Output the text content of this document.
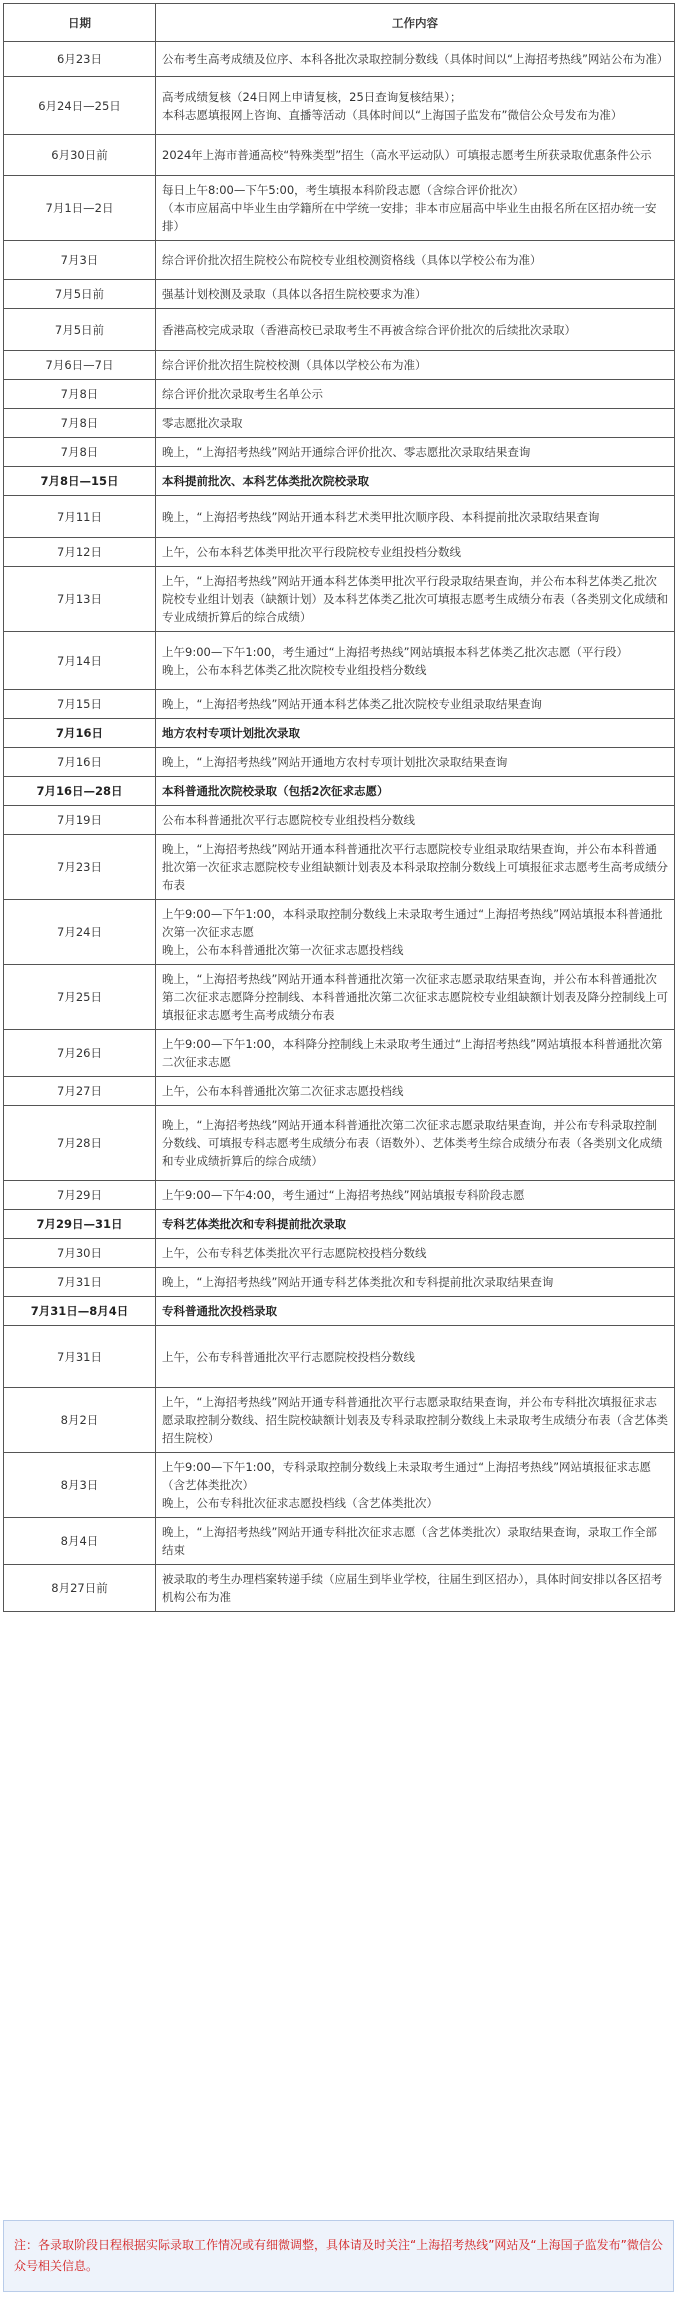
日期	工作内容
6月23日	公布考生高考成绩及位序、本科各批次录取控制分数线（具体时间以“上海招考热线”网站公布为准）
6月24日—25日	高考成绩复核（24日网上申请复核，25日查询复核结果）；
本科志愿填报网上咨询、直播等活动（具体时间以“上海国子监发布”微信公众号发布为准）
6月30日前	2024年上海市普通高校“特殊类型”招生（高水平运动队）可填报志愿考生所获录取优惠条件公示
7月1日—2日	每日上午8:00—下午5:00，考生填报本科阶段志愿（含综合评价批次）
（本市应届高中毕业生由学籍所在中学统一安排；非本市应届高中毕业生由报名所在区招办统一安排）
7月3日	综合评价批次招生院校公布院校专业组校测资格线（具体以学校公布为准）
7月5日前	强基计划校测及录取（具体以各招生院校要求为准）
7月5日前	香港高校完成录取（香港高校已录取考生不再被含综合评价批次的后续批次录取）
7月6日—7日	综合评价批次招生院校校测（具体以学校公布为准）
7月8日	综合评价批次录取考生名单公示
7月8日	零志愿批次录取
7月8日	晚上，“上海招考热线”网站开通综合评价批次、零志愿批次录取结果查询
7月8日—15日	本科提前批次、本科艺体类批次院校录取
7月11日	晚上，“上海招考热线”网站开通本科艺术类甲批次顺序段、本科提前批次录取结果查询
7月12日	上午，公布本科艺体类甲批次平行段院校专业组投档分数线
7月13日	上午，“上海招考热线”网站开通本科艺体类甲批次平行段录取结果查询，并公布本科艺体类乙批次院校专业组计划表（缺额计划）及本科艺体类乙批次可填报志愿考生成绩分布表（各类别文化成绩和专业成绩折算后的综合成绩）
7月14日	上午9:00—下午1:00，考生通过“上海招考热线”网站填报本科艺体类乙批次志愿（平行段）
晚上，公布本科艺体类乙批次院校专业组投档分数线
7月15日	晚上，“上海招考热线”网站开通本科艺体类乙批次院校专业组录取结果查询
7月16日	地方农村专项计划批次录取
7月16日	晚上，“上海招考热线”网站开通地方农村专项计划批次录取结果查询
7月16日—28日	本科普通批次院校录取（包括2次征求志愿）
7月19日	公布本科普通批次平行志愿院校专业组投档分数线
7月23日	晚上，“上海招考热线”网站开通本科普通批次平行志愿院校专业组录取结果查询，并公布本科普通批次第一次征求志愿院校专业组缺额计划表及本科录取控制分数线上可填报征求志愿考生高考成绩分布表
7月24日	上午9:00—下午1:00，本科录取控制分数线上未录取考生通过“上海招考热线”网站填报本科普通批次第一次征求志愿
晚上，公布本科普通批次第一次征求志愿投档线
7月25日	晚上，“上海招考热线”网站开通本科普通批次第一次征求志愿录取结果查询，并公布本科普通批次第二次征求志愿降分控制线、本科普通批次第二次征求志愿院校专业组缺额计划表及降分控制线上可填报征求志愿考生高考成绩分布表
7月26日	上午9:00—下午1:00，本科降分控制线上未录取考生通过“上海招考热线”网站填报本科普通批次第二次征求志愿
7月27日	上午，公布本科普通批次第二次征求志愿投档线
7月28日	晚上，“上海招考热线”网站开通本科普通批次第二次征求志愿录取结果查询，并公布专科录取控制分数线、可填报专科志愿考生成绩分布表（语数外）、艺体类考生综合成绩分布表（各类别文化成绩和专业成绩折算后的综合成绩）
7月29日	上午9:00—下午4:00，考生通过“上海招考热线”网站填报专科阶段志愿
7月29日—31日	专科艺体类批次和专科提前批次录取
7月30日	上午，公布专科艺体类批次平行志愿院校投档分数线
7月31日	晚上，“上海招考热线”网站开通专科艺体类批次和专科提前批次录取结果查询
7月31日—8月4日	专科普通批次投档录取
7月31日	上午，公布专科普通批次平行志愿院校投档分数线
8月2日	上午，“上海招考热线”网站开通专科普通批次平行志愿录取结果查询，并公布专科批次填报征求志愿录取控制分数线、招生院校缺额计划表及专科录取控制分数线上未录取考生成绩分布表（含艺体类招生院校）
8月3日	上午9:00—下午1:00，专科录取控制分数线上未录取考生通过“上海招考热线”网站填报征求志愿（含艺体类批次）
晚上，公布专科批次征求志愿投档线（含艺体类批次）
8月4日	晚上，“上海招考热线”网站开通专科批次征求志愿（含艺体类批次）录取结果查询，录取工作全部结束
8月27日前	被录取的考生办理档案转递手续（应届生到毕业学校，往届生到区招办），具体时间安排以各区招考机构公布为准
注：各录取阶段日程根据实际录取工作情况或有细微调整，具体请及时关注“上海招考热线”网站及“上海国子监发布”微信公众号相关信息。
